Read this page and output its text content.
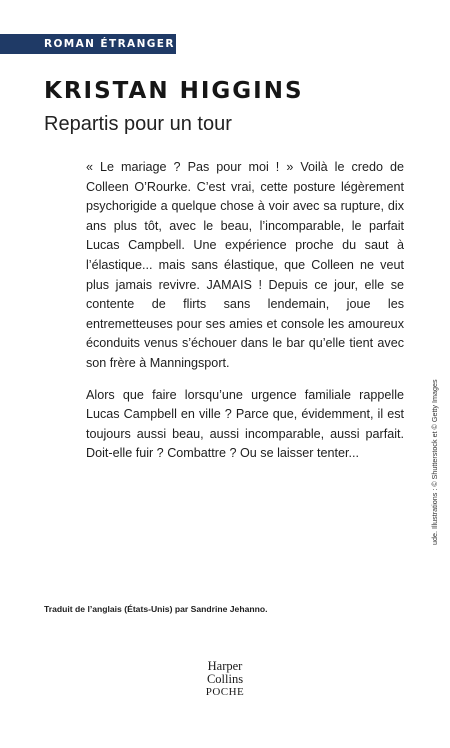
ROMAN ÉTRANGER
KRISTAN HIGGINS
Repartis pour un tour

« Le mariage ? Pas pour moi ! » Voilà le credo de Colleen O’Rourke. C’est vrai, cette posture légèrement psychorigide a quelque chose à voir avec sa rupture, dix ans plus tôt, avec le beau, l’incomparable, le parfait Lucas Campbell. Une expérience proche du saut à l’élastique... mais sans élastique, que Colleen ne veut plus jamais revivre. JAMAIS ! Depuis ce jour, elle se contente de flirts sans lendemain, joue les entremetteuses pour ses amies et console les amoureux éconduits venus s’échouer dans le bar qu’elle tient avec son frère à Manningsport.

Alors que faire lorsqu’une urgence familiale rappelle Lucas Campbell en ville ? Parce que, évidemment, il est toujours aussi beau, aussi incomparable, aussi parfait. Doit-elle fuir ? Combattre ? Ou se laisser tenter...	ude. Illustrations : © Shutterstock et © Getty Images
Traduit de l’anglais (États-Unis) par Sandrine Jehanno.
Harper
Collins
POCHE
